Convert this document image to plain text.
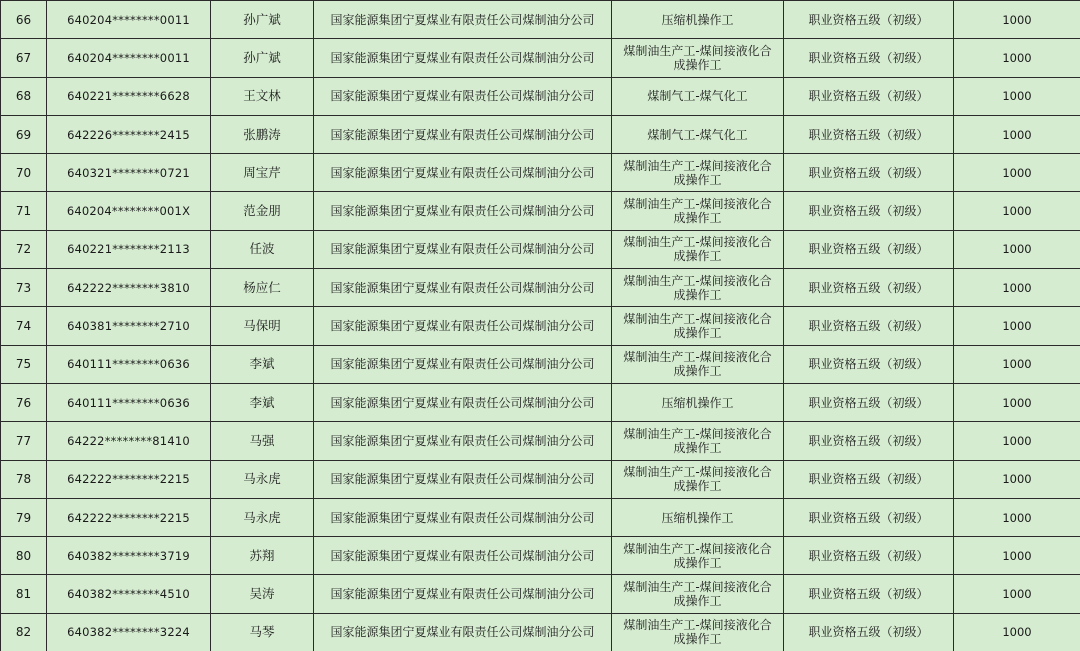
66	640204********0011	孙广斌	国家能源集团宁夏煤业有限责任公司煤制油分公司	压缩机操作工	职业资格五级（初级）	1000
67	640204********0011	孙广斌	国家能源集团宁夏煤业有限责任公司煤制油分公司	煤制油生产工-煤间接液化合成操作工	职业资格五级（初级）	1000
68	640221********6628	王文林	国家能源集团宁夏煤业有限责任公司煤制油分公司	煤制气工-煤气化工	职业资格五级（初级）	1000
69	642226********2415	张鹏涛	国家能源集团宁夏煤业有限责任公司煤制油分公司	煤制气工-煤气化工	职业资格五级（初级）	1000
70	640321********0721	周宝芹	国家能源集团宁夏煤业有限责任公司煤制油分公司	煤制油生产工-煤间接液化合成操作工	职业资格五级（初级）	1000
71	640204********001X	范金朋	国家能源集团宁夏煤业有限责任公司煤制油分公司	煤制油生产工-煤间接液化合成操作工	职业资格五级（初级）	1000
72	640221********2113	任波	国家能源集团宁夏煤业有限责任公司煤制油分公司	煤制油生产工-煤间接液化合成操作工	职业资格五级（初级）	1000
73	642222********3810	杨应仁	国家能源集团宁夏煤业有限责任公司煤制油分公司	煤制油生产工-煤间接液化合成操作工	职业资格五级（初级）	1000
74	640381********2710	马保明	国家能源集团宁夏煤业有限责任公司煤制油分公司	煤制油生产工-煤间接液化合成操作工	职业资格五级（初级）	1000
75	640111********0636	李斌	国家能源集团宁夏煤业有限责任公司煤制油分公司	煤制油生产工-煤间接液化合成操作工	职业资格五级（初级）	1000
76	640111********0636	李斌	国家能源集团宁夏煤业有限责任公司煤制油分公司	压缩机操作工	职业资格五级（初级）	1000
77	64222********81410	马强	国家能源集团宁夏煤业有限责任公司煤制油分公司	煤制油生产工-煤间接液化合成操作工	职业资格五级（初级）	1000
78	642222********2215	马永虎	国家能源集团宁夏煤业有限责任公司煤制油分公司	煤制油生产工-煤间接液化合成操作工	职业资格五级（初级）	1000
79	642222********2215	马永虎	国家能源集团宁夏煤业有限责任公司煤制油分公司	压缩机操作工	职业资格五级（初级）	1000
80	640382********3719	苏翔	国家能源集团宁夏煤业有限责任公司煤制油分公司	煤制油生产工-煤间接液化合成操作工	职业资格五级（初级）	1000
81	640382********4510	吴涛	国家能源集团宁夏煤业有限责任公司煤制油分公司	煤制油生产工-煤间接液化合成操作工	职业资格五级（初级）	1000
82	640382********3224	马琴	国家能源集团宁夏煤业有限责任公司煤制油分公司	煤制油生产工-煤间接液化合成操作工	职业资格五级（初级）	1000
